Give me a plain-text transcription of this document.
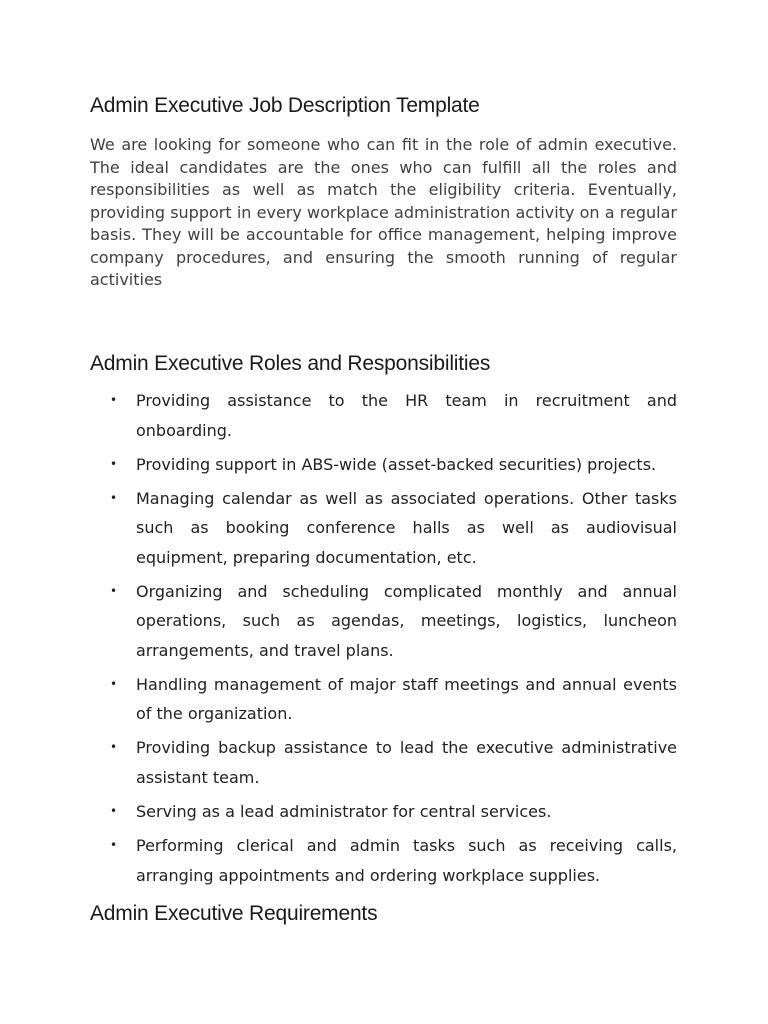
Admin Executive Job Description Template

We are looking for someone who can fit in the role of admin executive. The ideal candidates are the ones who can fulfill all the roles and responsibilities as well as match the eligibility criteria. Eventually, providing support in every workplace administration activity on a regular basis. They will be accountable for office management, helping improve company procedures, and ensuring the smooth running of regular activities

Admin Executive Roles and Responsibilities
• Providing assistance to the HR team in recruitment and onboarding.
• Providing support in ABS-wide (asset-backed securities) projects.
• Managing calendar as well as associated operations. Other tasks such as booking conference halls as well as audiovisual equipment, preparing documentation, etc.
• Organizing and scheduling complicated monthly and annual operations, such as agendas, meetings, logistics, luncheon arrangements, and travel plans.
• Handling management of major staff meetings and annual events of the organization.
• Providing backup assistance to lead the executive administrative assistant team.
• Serving as a lead administrator for central services.
• Performing clerical and admin tasks such as receiving calls, arranging appointments and ordering workplace supplies.
Admin Executive Requirements
